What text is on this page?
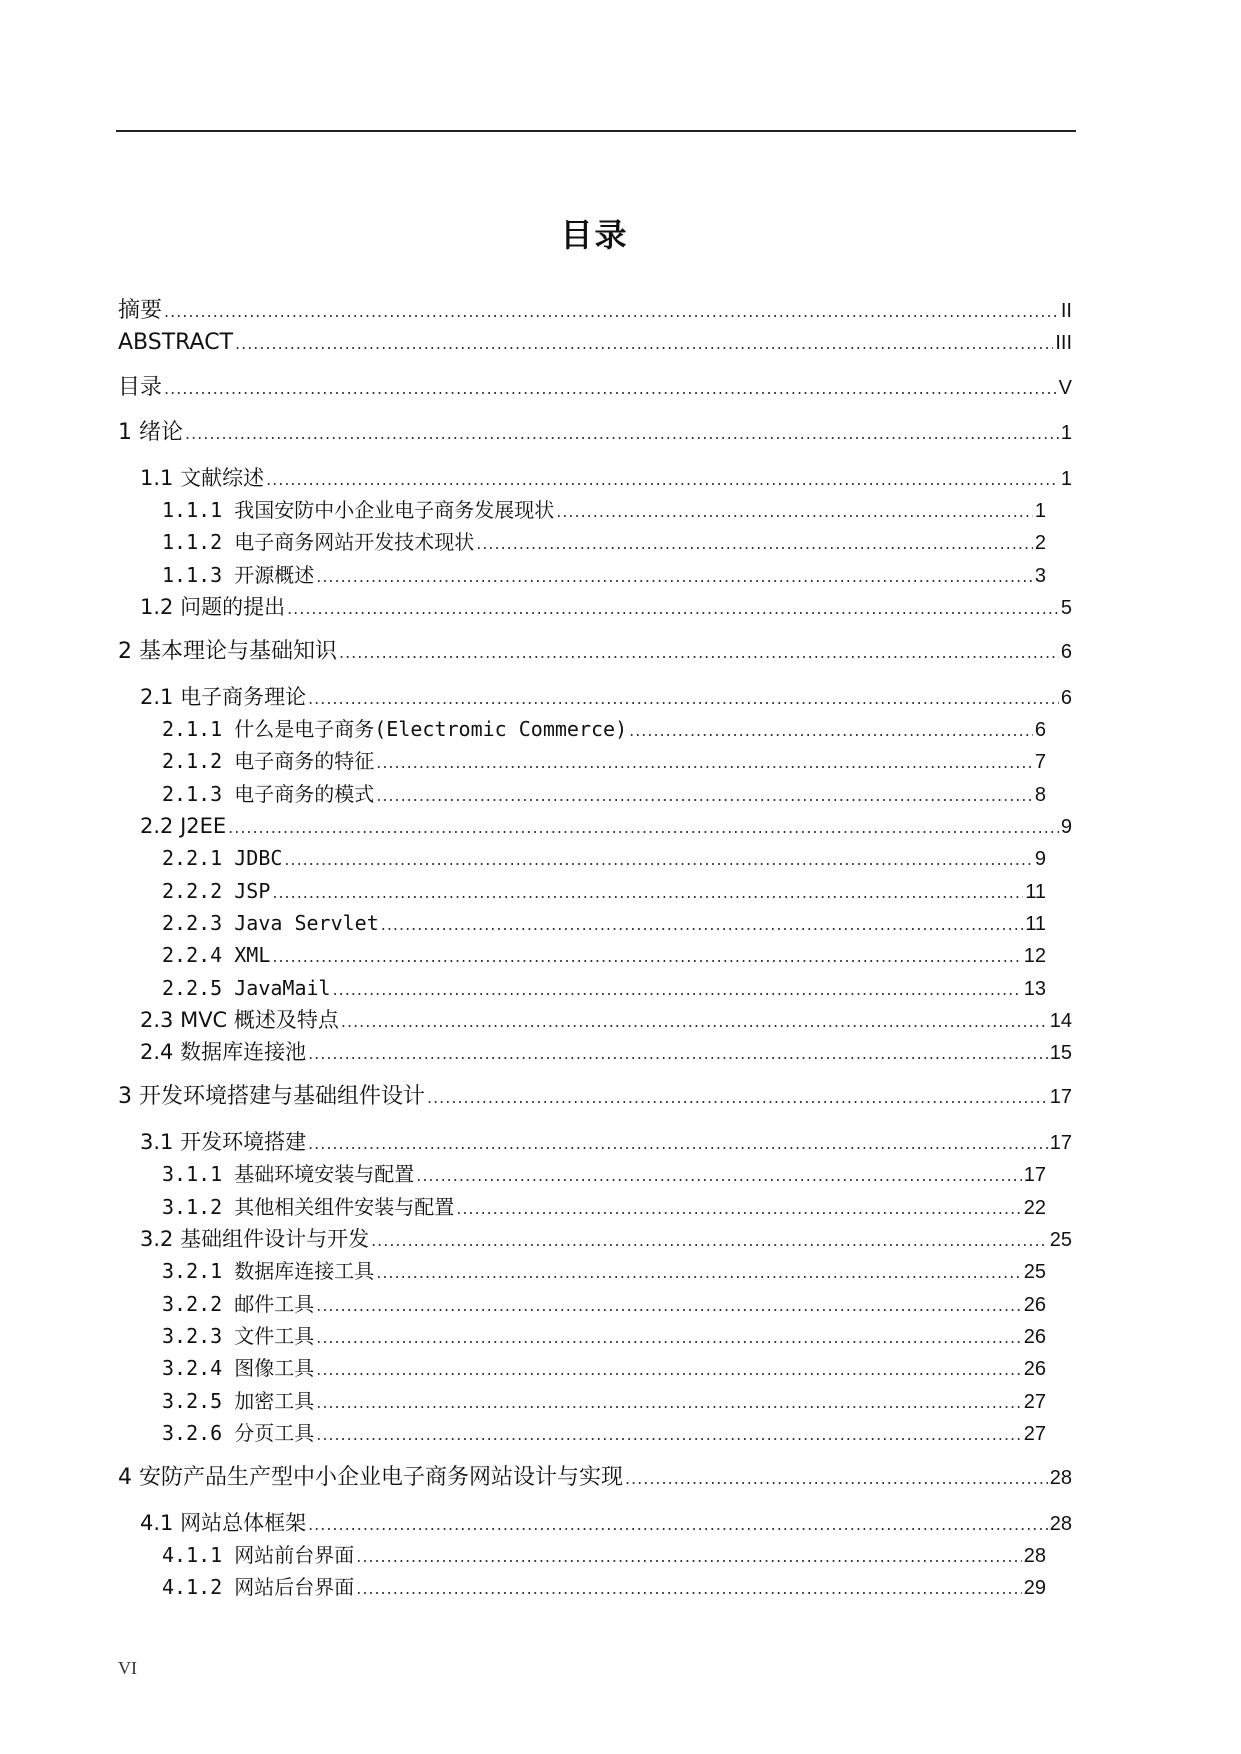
目录
摘要 .....	II
ABSTRACT .....	III
目录 .....	V
1 绪论 .....	1
1.1 文献综述 .....	1
1.1.1 我国安防中小企业电子商务发展现状 .....	1
1.1.2 电子商务网站开发技术现状 .....	2
1.1.3 开源概述 .....	3
1.2 问题的提出 .....	5
2 基本理论与基础知识 .....	6
2.1 电子商务理论 .....	6
2.1.1 什么是电子商务(Electromic Commerce) .....	6
2.1.2 电子商务的特征 .....	7
2.1.3 电子商务的模式 .....	8
2.2 J2EE .....	9
2.2.1 JDBC .....	9
2.2.2 JSP .....	11
2.2.3 Java Servlet .....	11
2.2.4 XML .....	12
2.2.5 JavaMail .....	13
2.3 MVC 概述及特点 .....	14
2.4 数据库连接池 .....	15
3 开发环境搭建与基础组件设计 .....	17
3.1 开发环境搭建 .....	17
3.1.1 基础环境安装与配置 .....	17
3.1.2 其他相关组件安装与配置 .....	22
3.2 基础组件设计与开发 .....	25
3.2.1 数据库连接工具 .....	25
3.2.2 邮件工具 .....	26
3.2.3 文件工具 .....	26
3.2.4 图像工具 .....	26
3.2.5 加密工具 .....	27
3.2.6 分页工具 .....	27
4 安防产品生产型中小企业电子商务网站设计与实现 .....	28
4.1 网站总体框架 .....	28
4.1.1 网站前台界面 .....	28
4.1.2 网站后台界面 .....	29
VI
